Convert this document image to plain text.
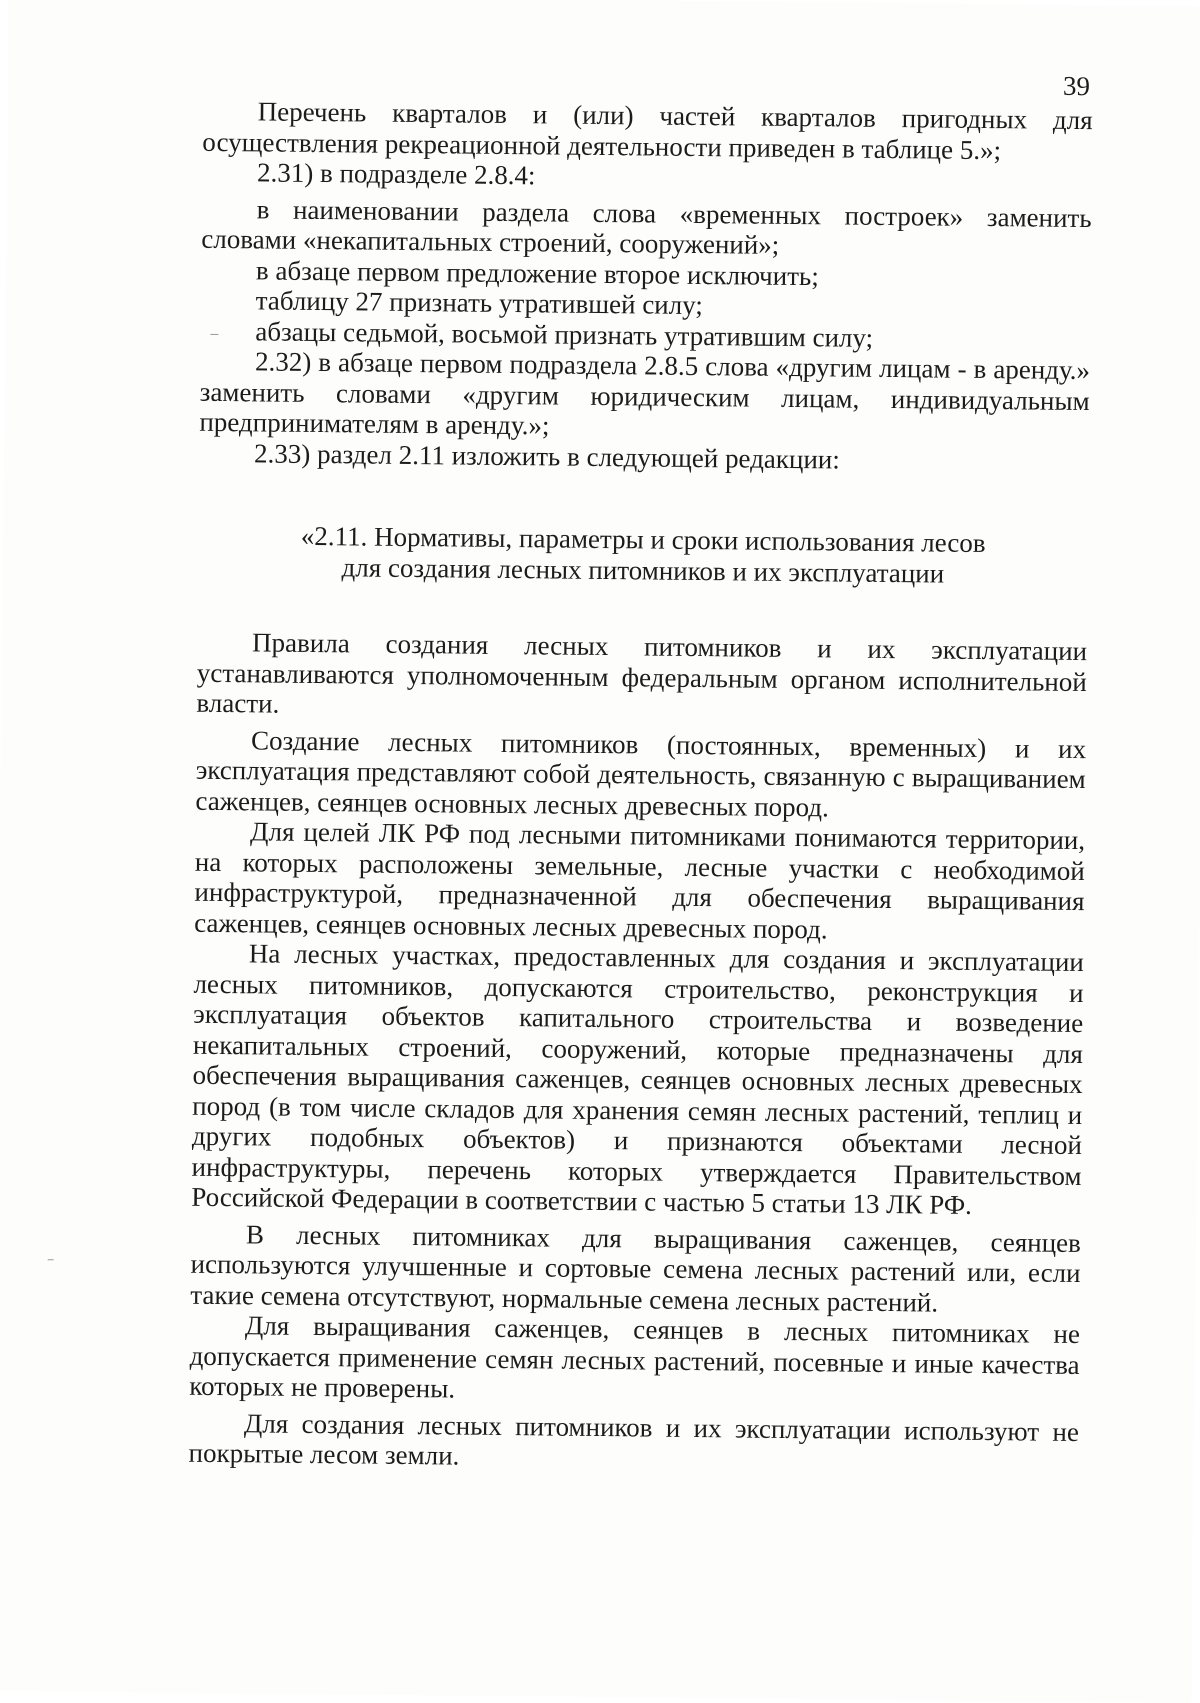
39

Перечень кварталов и (или) частей кварталов пригодных для осуществления рекреационной деятельности приведен в таблице 5.»;

2.31) в подразделе 2.8.4:

в наименовании раздела слова «временных построек» заменить словами «некапитальных строений, сооружений»;

в абзаце первом предложение второе исключить;

таблицу 27 признать утратившей силу;

абзацы седьмой, восьмой признать утратившим силу;

2.32) в абзаце первом подраздела 2.8.5 слова «другим лицам - в аренду.» заменить словами «другим юридическим лицам, индивидуальным предпринимателям в аренду.»;

2.33) раздел 2.11 изложить в следующей редакции:

«2.11. Нормативы, параметры и сроки использования лесов
для создания лесных питомников и их эксплуатации

Правила создания лесных питомников и их эксплуатации устанавливаются уполномоченным федеральным органом исполнительной власти.

Создание лесных питомников (постоянных, временных) и их эксплуатация представляют собой деятельность, связанную с выращиванием саженцев, сеянцев основных лесных древесных пород.

Для целей ЛК РФ под лесными питомниками понимаются территории, на которых расположены земельные, лесные участки с необходимой инфраструктурой, предназначенной для обеспечения выращивания саженцев, сеянцев основных лесных древесных пород.

На лесных участках, предоставленных для создания и эксплуатации лесных питомников, допускаются строительство, реконструкция и эксплуатация объектов капитального строительства и возведение некапитальных строений, сооружений, которые предназначены для обеспечения выращивания саженцев, сеянцев основных лесных древесных пород (в том числе складов для хранения семян лесных растений, теплиц и других подобных объектов) и признаются объектами лесной инфраструктуры, перечень которых утверждается Правительством Российской Федерации в соответствии с частью 5 статьи 13 ЛК РФ.

В лесных питомниках для выращивания саженцев, сеянцев используются улучшенные и сортовые семена лесных растений или, если такие семена отсутствуют, нормальные семена лесных растений.

Для выращивания саженцев, сеянцев в лесных питомниках не допускается применение семян лесных растений, посевные и иные качества которых не проверены.

Для создания лесных питомников и их эксплуатации используют не покрытые лесом земли.
